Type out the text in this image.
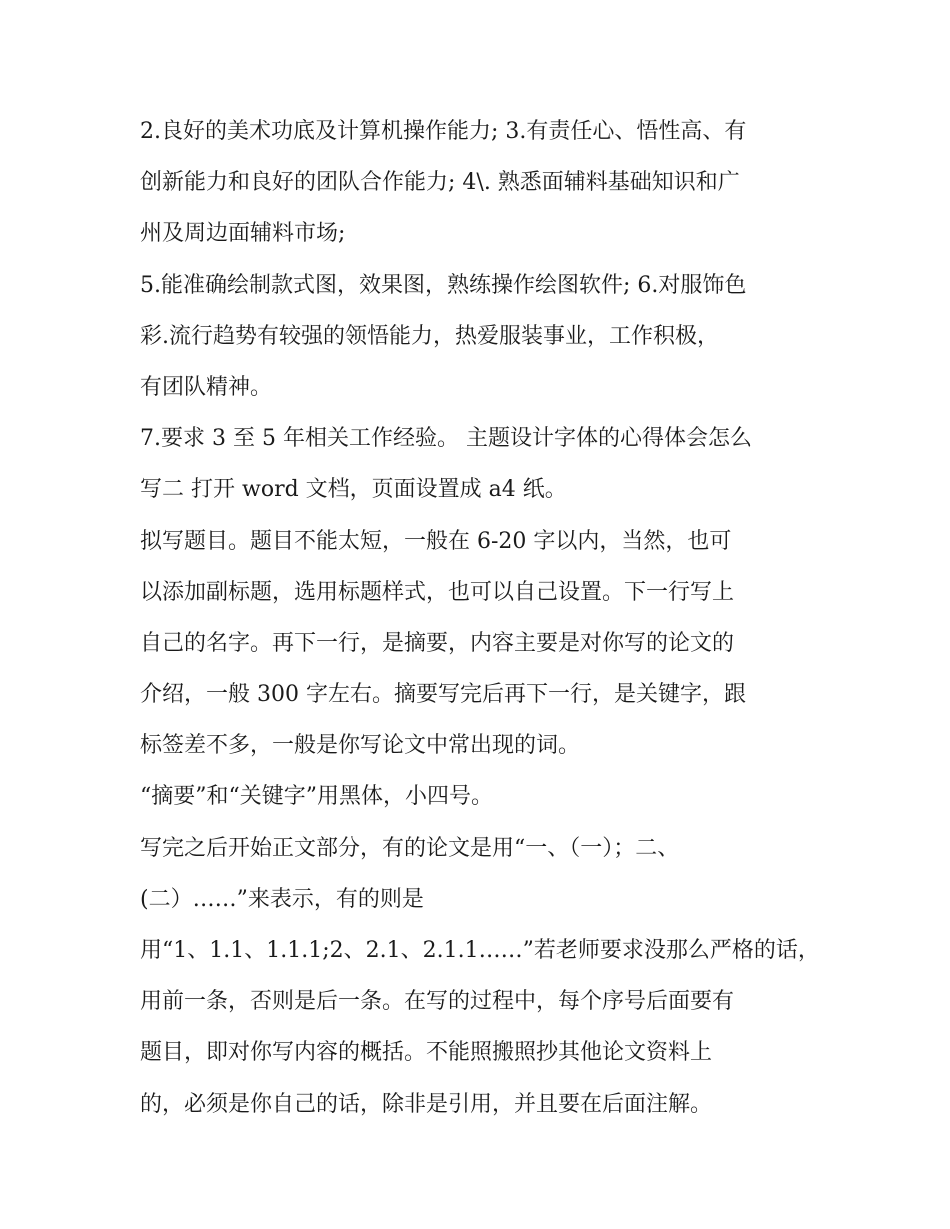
2.良好的美术功底及计算机操作能力; 3.有责任心、悟性高、有
创新能力和良好的团队合作能力; 4\. 熟悉面辅料基础知识和广
州及周边面辅料市场;
5.能准确绘制款式图，效果图，熟练操作绘图软件; 6.对服饰色
彩.流行趋势有较强的领悟能力，热爱服装事业，工作积极，
有团队精神。
7.要求 3 至 5 年相关工作经验。 主题设计字体的心得体会怎么
写二 打开 word 文档，页面设置成 a4 纸。
拟写题目。题目不能太短，一般在 6-20 字以内，当然，也可
以添加副标题，选用标题样式，也可以自己设置。下一行写上
自己的名字。再下一行，是摘要，内容主要是对你写的论文的
介绍，一般 300 字左右。摘要写完后再下一行，是关键字，跟
标签差不多，一般是你写论文中常出现的词。
“摘要”和“关键字”用黑体，小四号。
写完之后开始正文部分，有的论文是用“一、（一）；二、
(二）……”来表示，有的则是
用“1、1.1、1.1.1;2、2.1、2.1.1……”若老师要求没那么严格的话，
用前一条，否则是后一条。在写的过程中，每个序号后面要有
题目，即对你写内容的概括。不能照搬照抄其他论文资料上
的，必须是你自己的话，除非是引用，并且要在后面注解。
